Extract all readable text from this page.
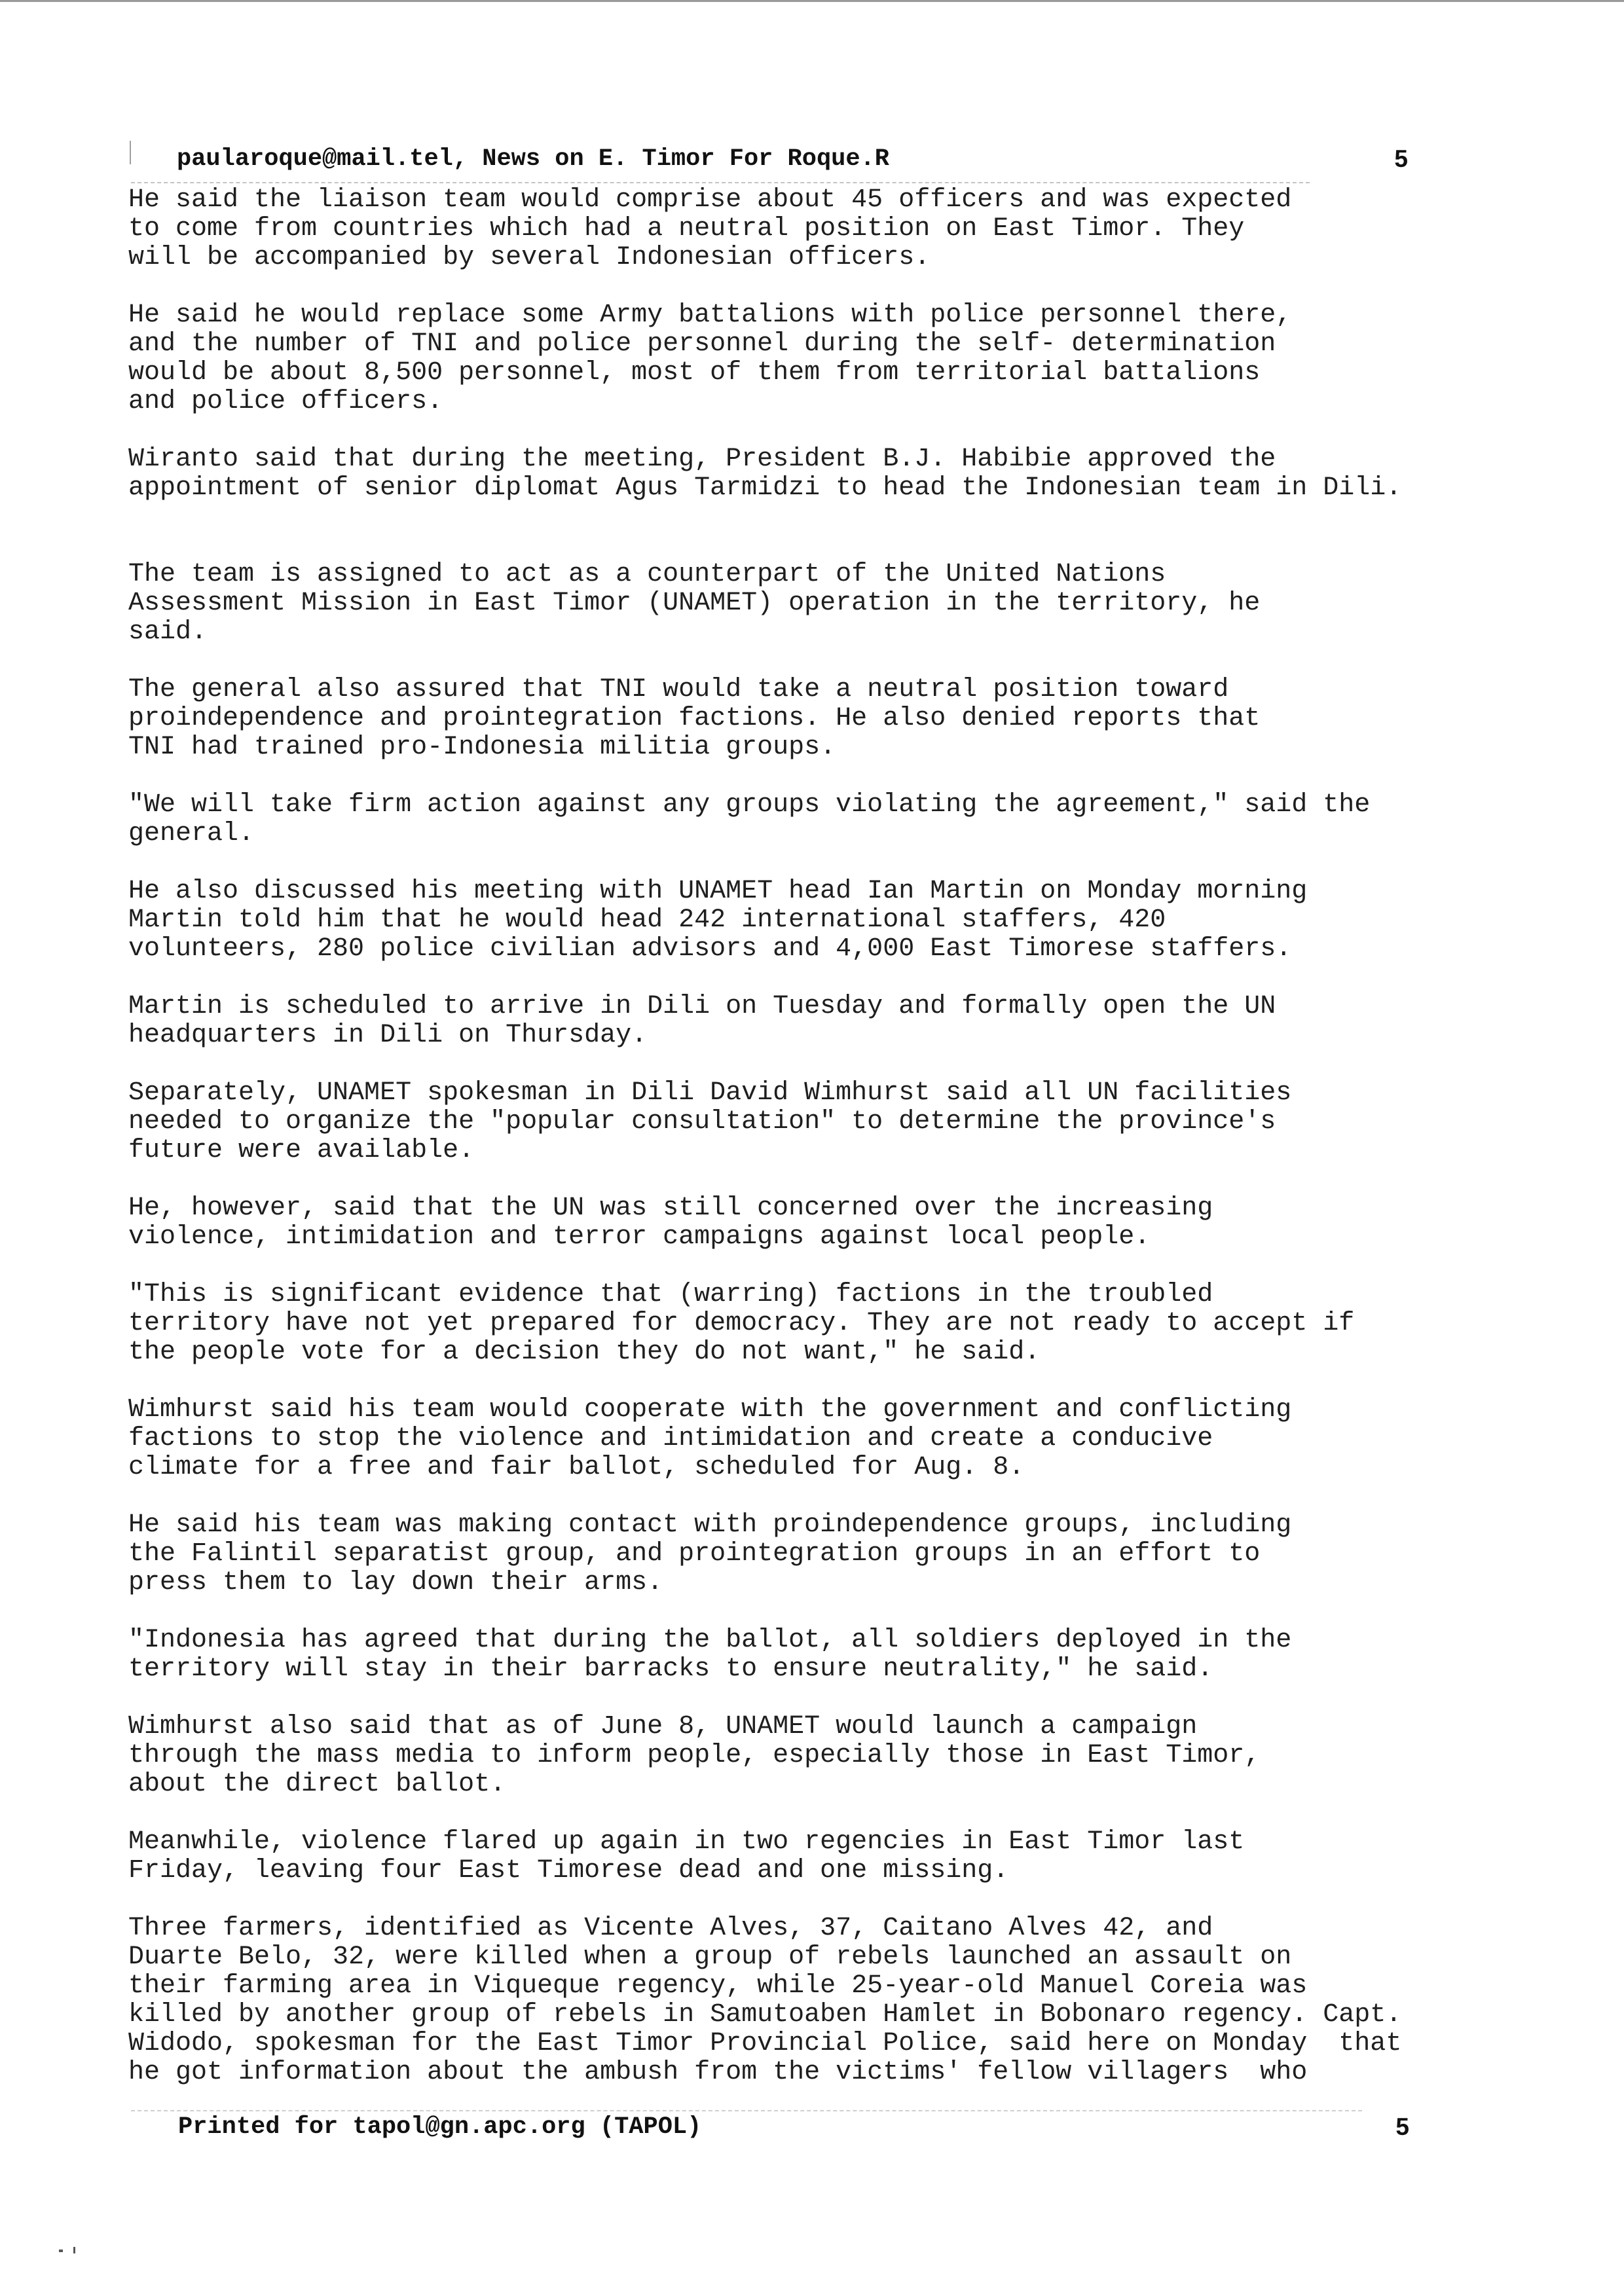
paularoque@mail.tel, News on E. Timor For Roque.R	5
He said the liaison team would comprise about 45 officers and was expected
to come from countries which had a neutral position on East Timor. They
will be accompanied by several Indonesian officers.
He said he would replace some Army battalions with police personnel there,
and the number of TNI and police personnel during the self- determination
would be about 8,500 personnel, most of them from territorial battalions
and police officers.
Wiranto said that during the meeting, President B.J. Habibie approved the
appointment of senior diplomat Agus Tarmidzi to head the Indonesian team in Dili.

The team is assigned to act as a counterpart of the United Nations
Assessment Mission in East Timor (UNAMET) operation in the territory, he
said.
The general also assured that TNI would take a neutral position toward
proindependence and prointegration factions. He also denied reports that
TNI had trained pro-Indonesia militia groups.
"We will take firm action against any groups violating the agreement," said the
general.
He also discussed his meeting with UNAMET head Ian Martin on Monday morning
Martin told him that he would head 242 international staffers, 420
volunteers, 280 police civilian advisors and 4,000 East Timorese staffers.
Martin is scheduled to arrive in Dili on Tuesday and formally open the UN
headquarters in Dili on Thursday.
Separately, UNAMET spokesman in Dili David Wimhurst said all UN facilities
needed to organize the "popular consultation" to determine the province's
future were available.
He, however, said that the UN was still concerned over the increasing
violence, intimidation and terror campaigns against local people.
"This is significant evidence that (warring) factions in the troubled
territory have not yet prepared for democracy. They are not ready to accept if
the people vote for a decision they do not want," he said.
Wimhurst said his team would cooperate with the government and conflicting
factions to stop the violence and intimidation and create a conducive
climate for a free and fair ballot, scheduled for Aug. 8.
He said his team was making contact with proindependence groups, including
the Falintil separatist group, and prointegration groups in an effort to
press them to lay down their arms.
"Indonesia has agreed that during the ballot, all soldiers deployed in the
territory will stay in their barracks to ensure neutrality," he said.
Wimhurst also said that as of June 8, UNAMET would launch a campaign
through the mass media to inform people, especially those in East Timor,
about the direct ballot.
Meanwhile, violence flared up again in two regencies in East Timor last
Friday, leaving four East Timorese dead and one missing.
Three farmers, identified as Vicente Alves, 37, Caitano Alves 42, and
Duarte Belo, 32, were killed when a group of rebels launched an assault on
their farming area in Viqueque regency, while 25-year-old Manuel Coreia was
killed by another group of rebels in Samutoaben Hamlet in Bobonaro regency. Capt.
Widodo, spokesman for the East Timor Provincial Police, said here on Monday  that
he got information about the ambush from the victims' fellow villagers  who
Printed for tapol@gn.apc.org (TAPOL)	5
